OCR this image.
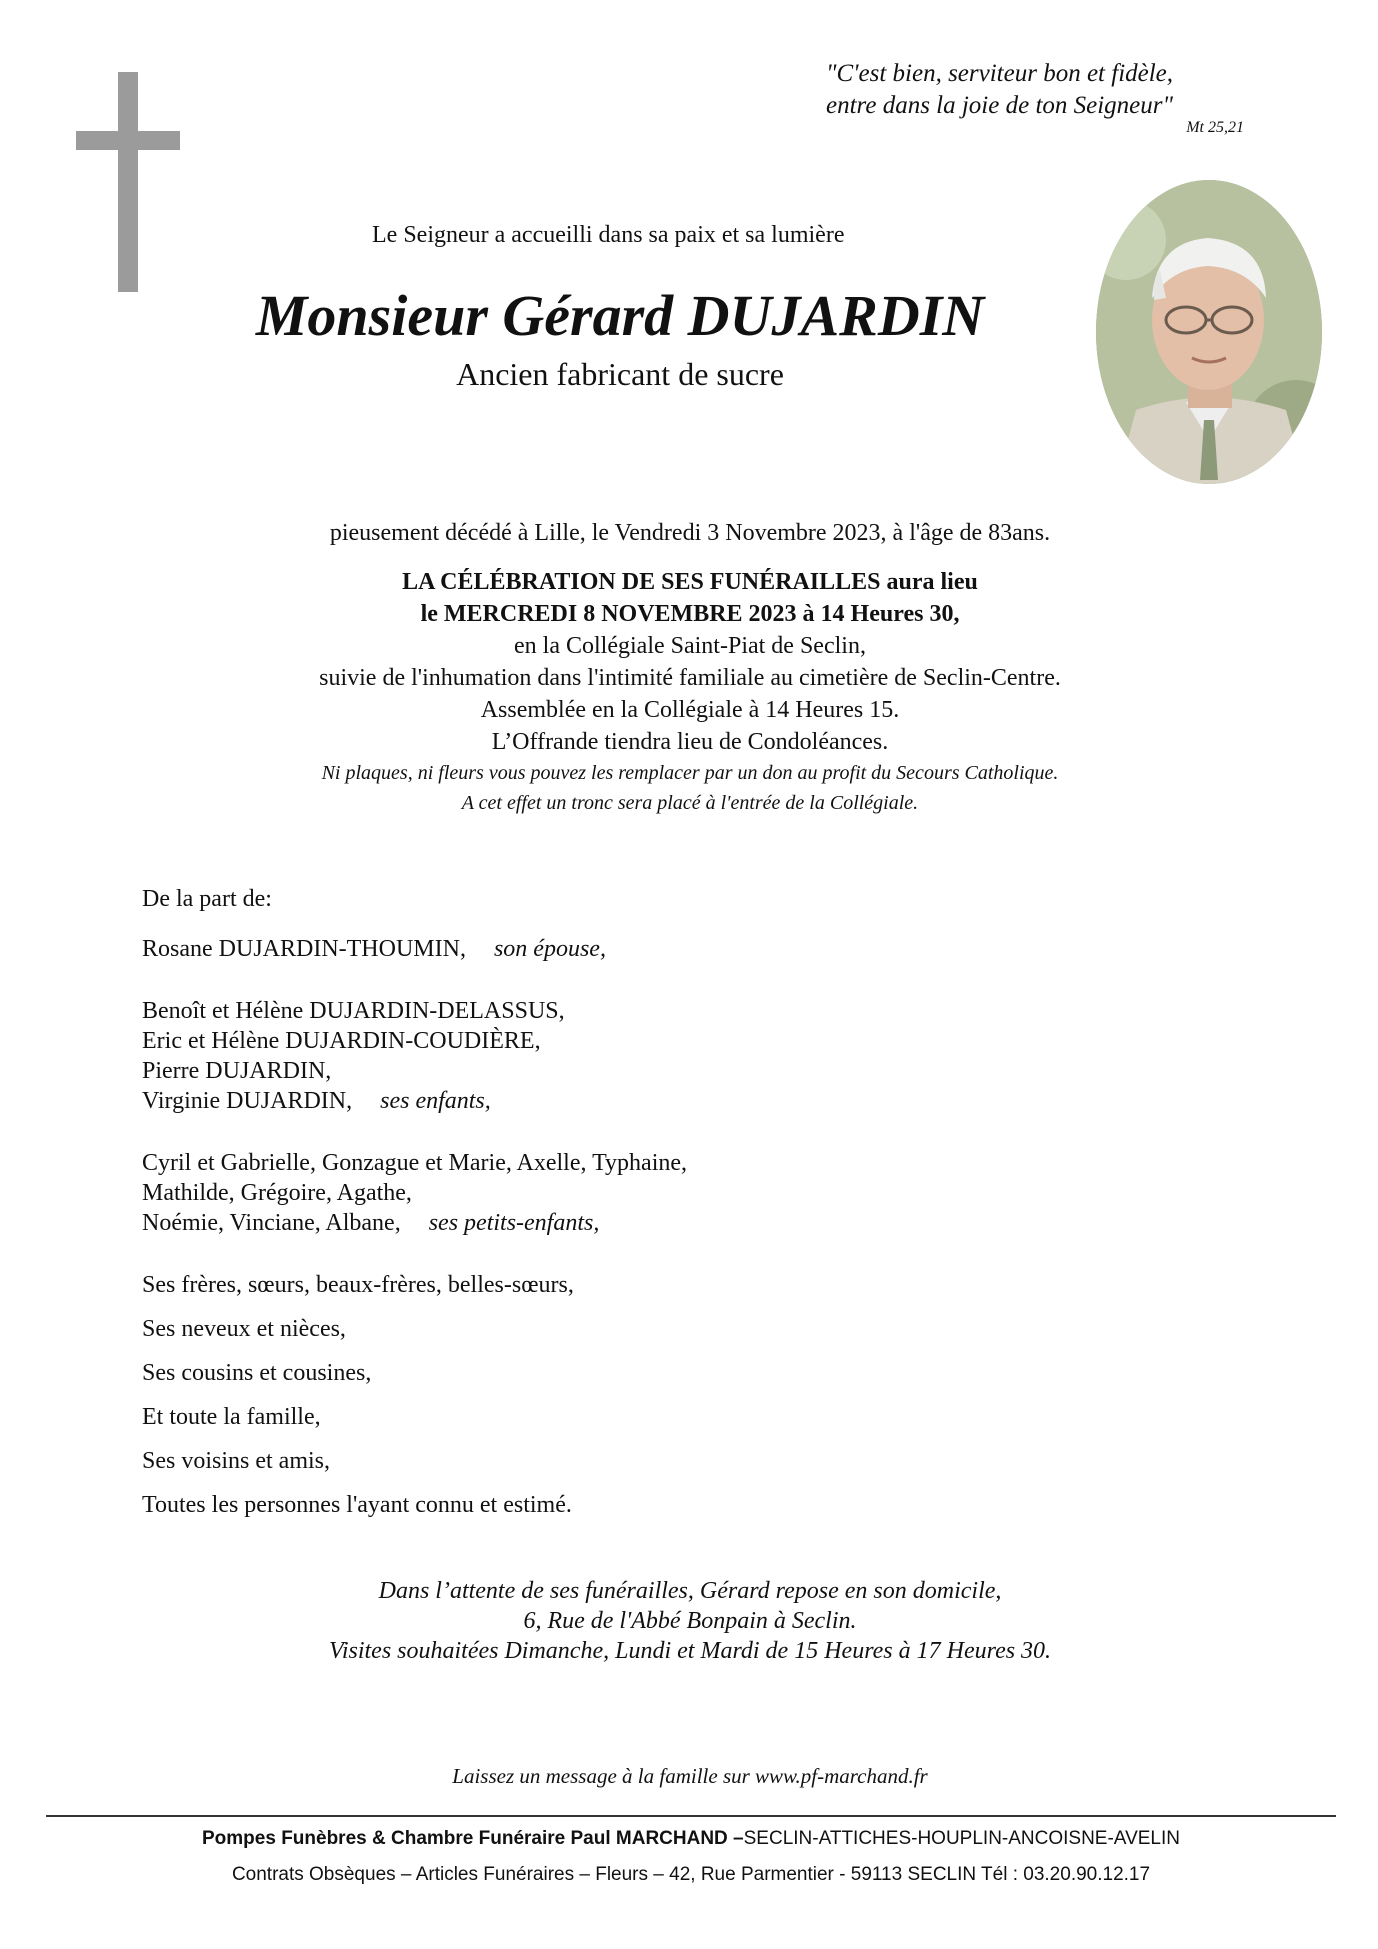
"C'est bien, serviteur bon et fidèle,
entre dans la joie de ton Seigneur"
Mt 25,21
Le Seigneur a accueilli dans sa paix et sa lumière
Monsieur Gérard DUJARDIN
Ancien fabricant de sucre
pieusement décédé à Lille, le Vendredi 3 Novembre 2023, à l'âge de 83ans.
LA CÉLÉBRATION DE SES FUNÉRAILLES aura lieu
le MERCREDI 8 NOVEMBRE 2023 à 14 Heures 30,
en la Collégiale Saint-Piat de Seclin,
suivie de l'inhumation dans l'intimité familiale au cimetière de Seclin-Centre.
Assemblée en la Collégiale à 14 Heures 15.
L’Offrande tiendra lieu de Condoléances.
Ni plaques, ni fleurs vous pouvez les remplacer par un don au profit du Secours Catholique.
A cet effet un tronc sera placé à l'entrée de la Collégiale.

De la part de:

Rosane DUJARDIN-THOUMIN, son épouse,

Benoît et Hélène DUJARDIN-DELASSUS,
Eric et Hélène DUJARDIN-COUDIÈRE,
Pierre DUJARDIN,
Virginie DUJARDIN, ses enfants,
Cyril et Gabrielle, Gonzague et Marie, Axelle, Typhaine,
Mathilde, Grégoire, Agathe,
Noémie, Vinciane, Albane, ses petits-enfants,
Ses frères, sœurs, beaux-frères, belles-sœurs,
Ses neveux et nièces,
Ses cousins et cousines,
Et toute la famille,
Ses voisins et amis,
Toutes les personnes l'ayant connu et estimé.
Dans l’attente de ses funérailles, Gérard repose en son domicile,
6, Rue de l'Abbé Bonpain à Seclin.
Visites souhaitées Dimanche, Lundi et Mardi de 15 Heures à 17 Heures 30.
Laissez un message à la famille sur www.pf-marchand.fr
Pompes Funèbres & Chambre Funéraire Paul MARCHAND –SECLIN-ATTICHES-HOUPLIN-ANCOISNE-AVELIN
Contrats Obsèques – Articles Funéraires – Fleurs – 42, Rue Parmentier - 59113 SECLIN Tél : 03.20.90.12.17
